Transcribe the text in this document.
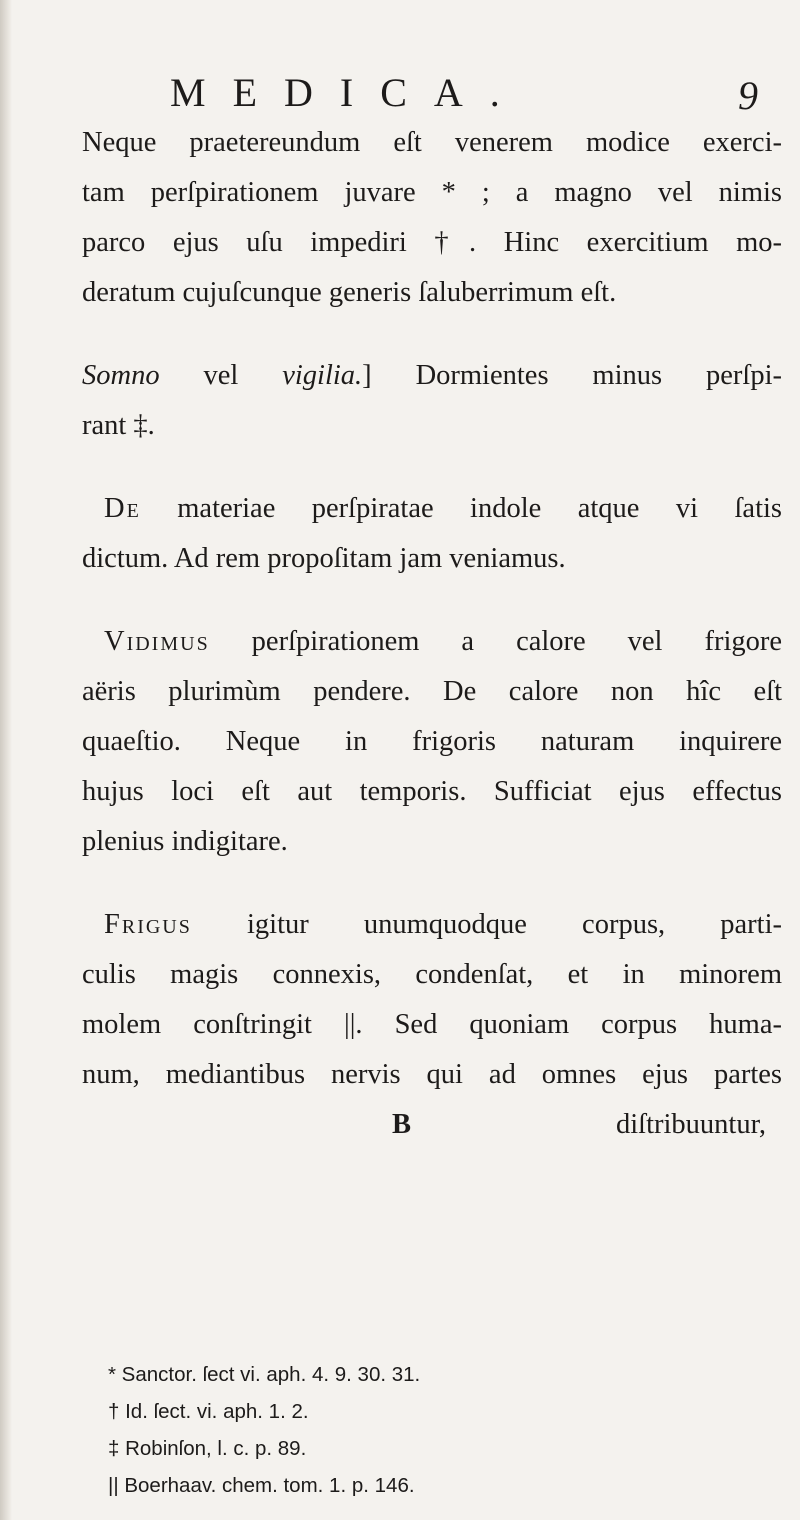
MEDICA.	9
Neque praetereundum eſt venerem modice exerci-
tam perſpirationem juvare * ; a magno vel nimis
parco ejus uſu impediri †. Hinc exercitium mo-
deratum cujuſcunque generis ſaluberrimum eſt.
Somno vel vigilia.] Dormientes minus perſpi-
rant ‡.
De materiae perſpiratae indole atque vi ſatis
dictum. Ad rem propoſitam jam veniamus.
Vidimus perſpirationem a calore vel frigore
aëris plurimùm pendere. De calore non hîc eſt
quaeſtio. Neque in frigoris naturam inquirere
hujus loci eſt aut temporis. Sufficiat ejus effectus
plenius indigitare.
Frigus igitur unumquodque corpus, parti-
culis magis connexis, condenſat, et in minorem
molem conſtringit ||. Sed quoniam corpus huma-
num, mediantibus nervis qui ad omnes ejus partes
B	diſtribuuntur,
* Sanctor. ſect vi. aph. 4. 9. 30. 31.
† Id. ſect. vi. aph. 1. 2.
‡ Robinſon, l. c. p. 89.
|| Boerhaav. chem. tom. 1. p. 146.
